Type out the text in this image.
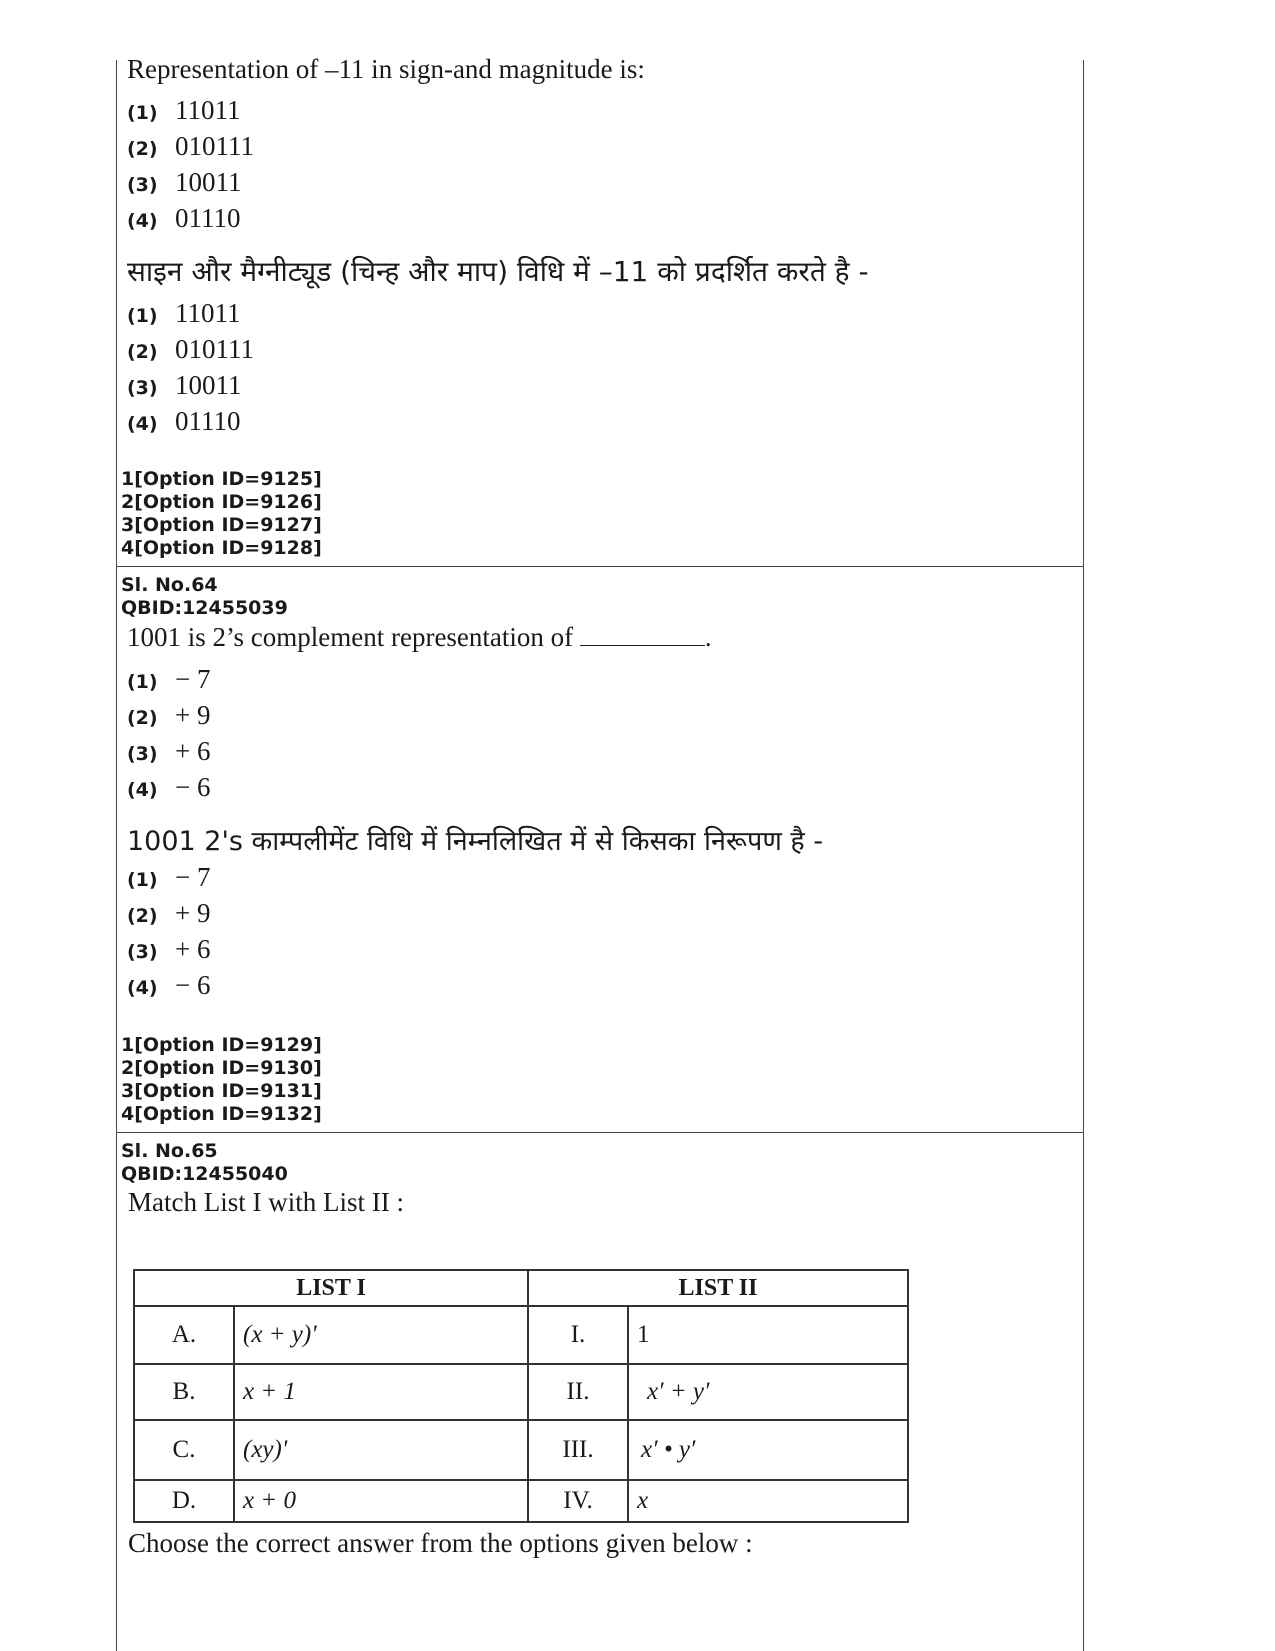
Representation of –11 in sign-and magnitude is:
(1) 11011
(2) 010111
(3) 10011
(4) 01110
साइन और मैग्नीट्यूड (चिन्ह और माप) विधि में –11 को प्रदर्शित करते है -
(1) 11011
(2) 010111
(3) 10011
(4) 01110
1[Option ID=9125]
2[Option ID=9126]
3[Option ID=9127]
4[Option ID=9128]
Sl. No.64
QBID:12455039
1001 is 2’s complement representation of	.
(1) − 7
(2) + 9
(3) + 6
(4) − 6
1001 2's काम्पलीमेंट विधि में निम्नलिखित में से किसका निरूपण है -
(1) − 7
(2) + 9
(3) + 6
(4) − 6
1[Option ID=9129]
2[Option ID=9130]
3[Option ID=9131]
4[Option ID=9132]
Sl. No.65
QBID:12455040
Match List I with List II :
LIST I		LIST II	
A.	(x + y)'	I.	1
B.	x + 1	II.	x′ + y′
C.	(xy)'	III.	x′ • y′
D.	x + 0	IV.	x
Choose the correct answer from the options given below :
